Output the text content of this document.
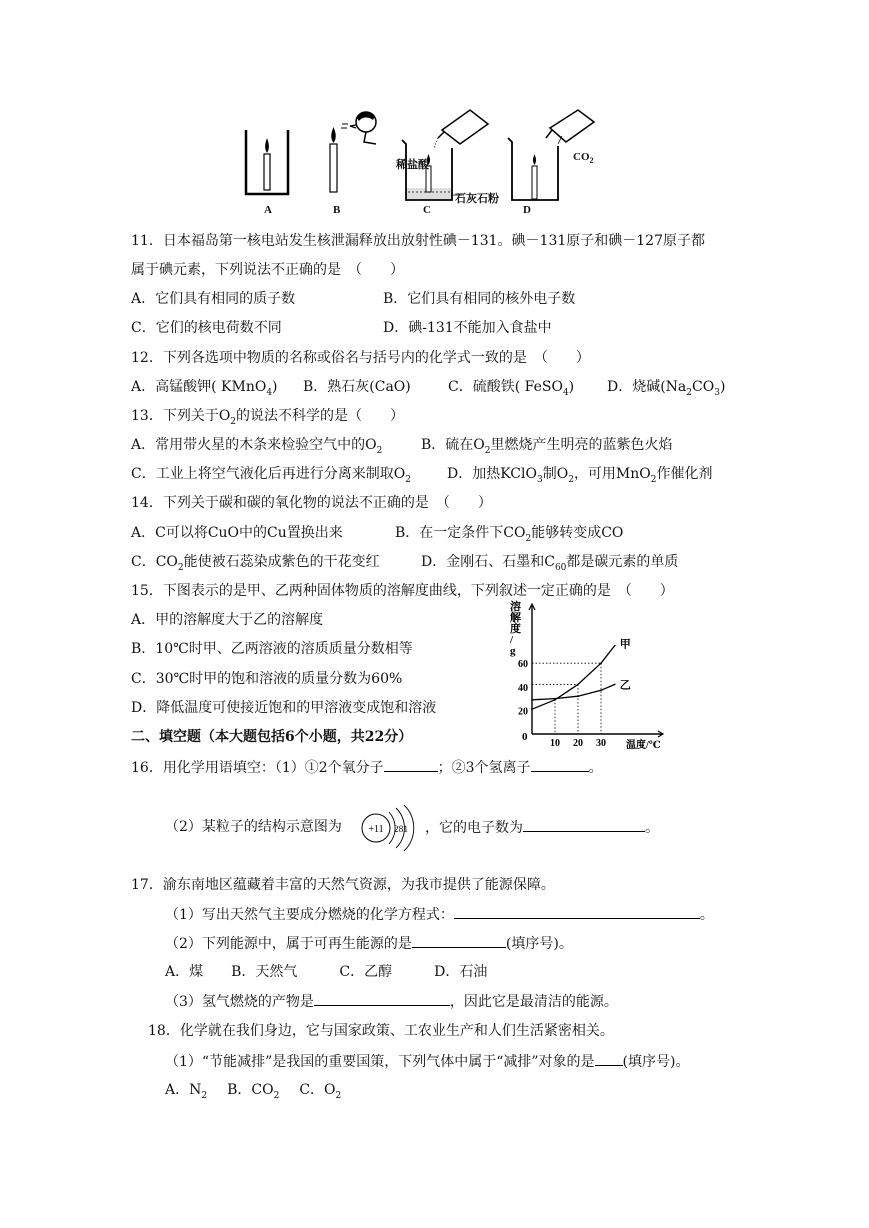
稀盐酸
石灰石粉
$CO_2$
A	B	C	D
11．日本福岛第一核电站发生核泄漏释放出放射性碘－131。碘－131原子和碘－127原子都
属于碘元素，下列说法不正确的是　（　　）
A．它们具有相同的质子数	B．它们具有相同的核外电子数
C．它们的核电荷数不同	D．碘-131不能加入食盐中
12．下列各选项中物质的名称或俗名与括号内的化学式一致的是　（　　）
A．高锰酸钾( KMnO$_4$) B．熟石灰(CaO)	C．硫酸铁( FeSO$_4$) D．烧碱$(Na_2CO_3)$
13．下列关于$O_2$的说法不科学的是（　　）
A．常用带火星的木条来检验空气中的$O_2$	B．硫在$O_2$里燃烧产生明亮的蓝紫色火焰
C．工业上将空气液化后再进行分离来制取$O_2$	D．加热KClO$_3$制$O_2$，可用MnO$_2$作催化剂
14．下列关于碳和碳的氧化物的说法不正确的是　（　　）
A．C可以将CuO中的Cu置换出来	B．在一定条件下$CO_2$能够转变成CO
C．$CO_2$能使被石蕊染成紫色的干花变红	D．金刚石、石墨和$C_{60}$都是碳元素的单质
15．下图表示的是甲、乙两种固体物质的溶解度曲线，下列叙述一定正确的是　（　　）
A．甲的溶解度大于乙的溶解度
B．10℃时甲、乙两溶液的溶质质量分数相等
C．30℃时甲的饱和溶液的质量分数为60%
D．降低温度可使接近饱和的甲溶液变成饱和溶液
甲
乙
10 20 30
20
40
60
溶解度/ g
温度/℃
0
二、填空题（本大题包括6个小题，共22分）
16．用化学用语填空：（1）①2个氧分子	；②3个氢离子	。
（2）某粒子的结构示意图为	+11 2 8 1 ，它的电子数为	。
17．渝东南地区蕴藏着丰富的天然气资源，为我市提供了能源保障。
（1）写出天然气主要成分燃烧的化学方程式：	。
（2）下列能源中，属于可再生能源的是	(填序号)。
A．煤　　B．天然气　　　C．乙醇　　　D．石油
（3）氢气燃烧的产物是	，因此它是最清洁的能源。
18．化学就在我们身边，它与国家政策、工农业生产和人们生活紧密相关。
（1）“节能减排”是我国的重要国策，下列气体中属于“减排”对象的是 (填序号)。
A．$N_2$ B．$CO_2$ C．$O_2$
